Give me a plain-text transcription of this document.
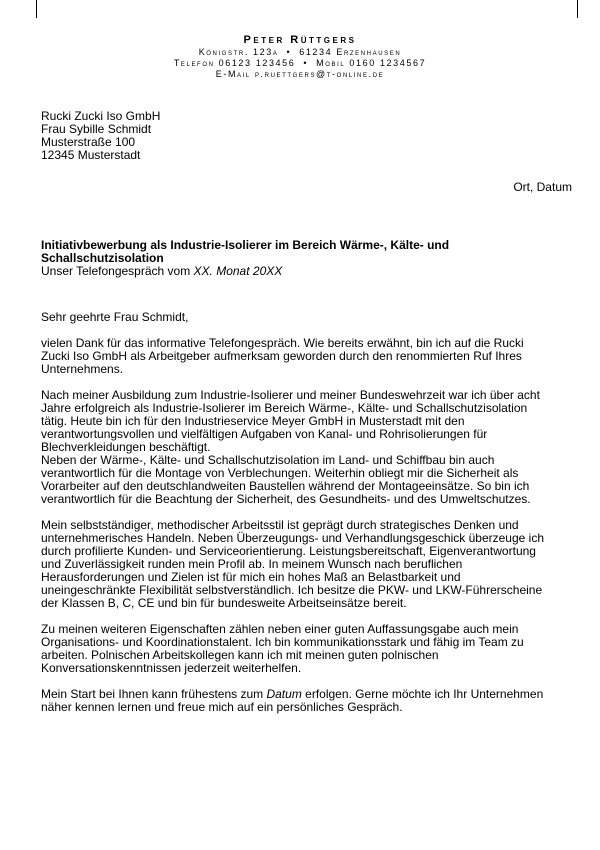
Peter Rüttgers
Königstr. 123a • 61234 Erzenhausen
Telefon 06123 123456 • Mobil 0160 1234567
E-Mail p.ruettgers@t-online.de
Rucki Zucki Iso GmbH
Frau Sybille Schmidt
Musterstraße 100
12345 Musterstadt
Ort, Datum
Initiativbewerbung als Industrie-Isolierer im Bereich Wärme-, Kälte- und
Schallschutzisolation
Unser Telefongespräch vom XX. Monat 20XX
Sehr geehrte Frau Schmidt,
vielen Dank für das informative Telefongespräch. Wie bereits erwähnt, bin ich auf die Rucki
Zucki Iso GmbH als Arbeitgeber aufmerksam geworden durch den renommierten Ruf Ihres
Unternehmens.
Nach meiner Ausbildung zum Industrie-Isolierer und meiner Bundeswehrzeit war ich über acht
Jahre erfolgreich als Industrie-Isolierer im Bereich Wärme-, Kälte- und Schallschutzisolation
tätig. Heute bin ich für den Industrieservice Meyer GmbH in Musterstadt mit den
verantwortungsvollen und vielfältigen Aufgaben von Kanal- und Rohrisolierungen für
Blechverkleidungen beschäftigt.
Neben der Wärme-, Kälte- und Schallschutzisolation im Land- und Schiffbau bin auch
verantwortlich für die Montage von Verblechungen. Weiterhin obliegt mir die Sicherheit als
Vorarbeiter auf den deutschlandweiten Baustellen während der Montageeinsätze. So bin ich
verantwortlich für die Beachtung der Sicherheit, des Gesundheits- und des Umweltschutzes.
Mein selbstständiger, methodischer Arbeitsstil ist geprägt durch strategisches Denken und
unternehmerisches Handeln. Neben Überzeugungs- und Verhandlungsgeschick überzeuge ich
durch profilierte Kunden- und Serviceorientierung. Leistungsbereitschaft, Eigenverantwortung
und Zuverlässigkeit runden mein Profil ab. In meinem Wunsch nach beruflichen
Herausforderungen und Zielen ist für mich ein hohes Maß an Belastbarkeit und
uneingeschränkte Flexibilität selbstverständlich. Ich besitze die PKW- und LKW-Führerscheine
der Klassen B, C, CE und bin für bundesweite Arbeitseinsätze bereit.
Zu meinen weiteren Eigenschaften zählen neben einer guten Auffassungsgabe auch mein
Organisations- und Koordinationstalent. Ich bin kommunikationsstark und fähig im Team zu
arbeiten. Polnischen Arbeitskollegen kann ich mit meinen guten polnischen
Konversationskenntnissen jederzeit weiterhelfen.
Mein Start bei Ihnen kann frühestens zum Datum erfolgen. Gerne möchte ich Ihr Unternehmen
näher kennen lernen und freue mich auf ein persönliches Gespräch.
